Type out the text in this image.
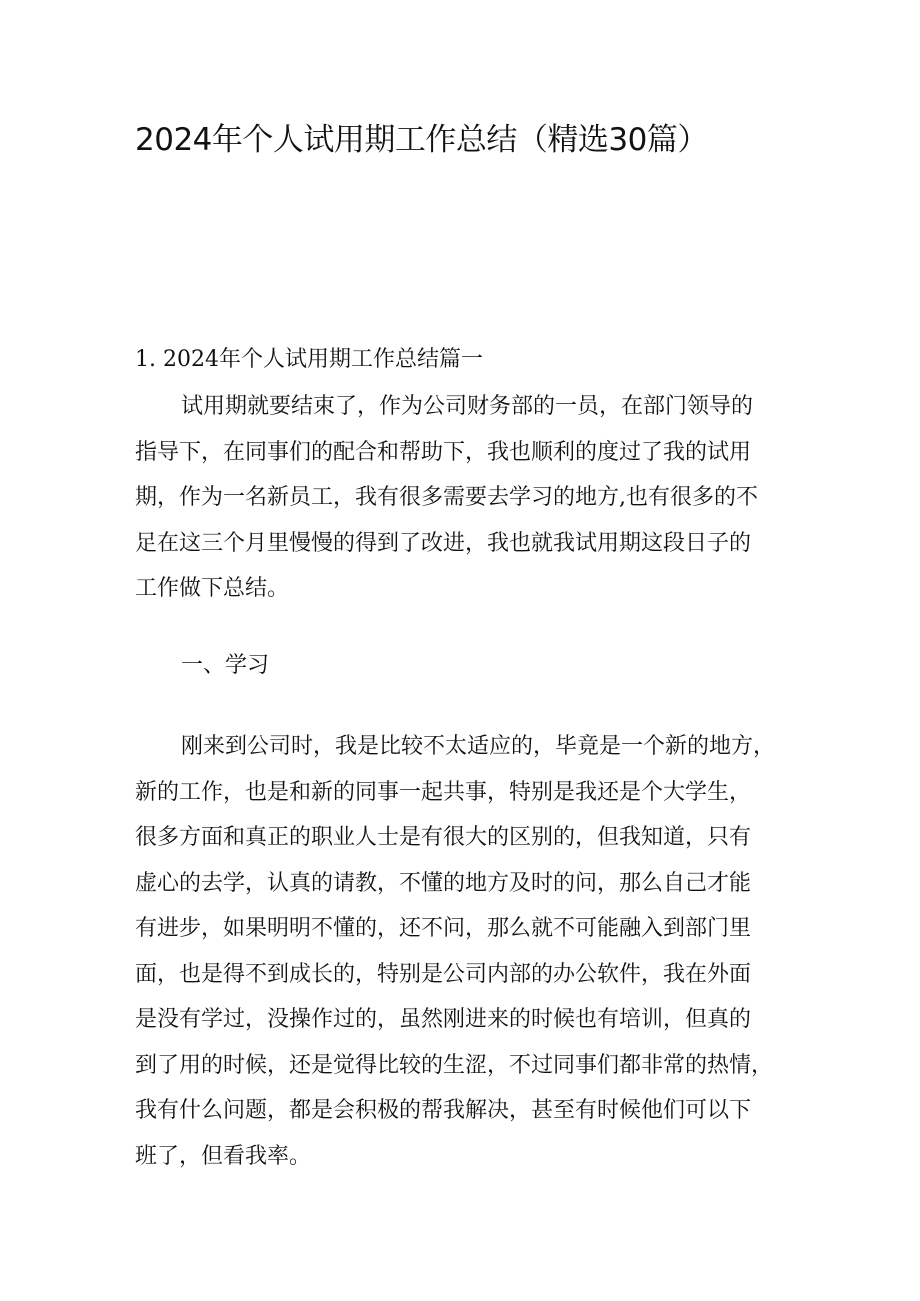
2024年个人试用期工作总结（精选30篇）
1. 2024年个人试用期工作总结篇一
试用期就要结束了，作为公司财务部的一员，在部门领导的
指导下，在同事们的配合和帮助下，我也顺利的度过了我的试用
期，作为一名新员工，我有很多需要去学习的地方,也有很多的不
足在这三个月里慢慢的得到了改进，我也就我试用期这段日子的
工作做下总结。
一、学习
刚来到公司时，我是比较不太适应的，毕竟是一个新的地方，
新的工作，也是和新的同事一起共事，特别是我还是个大学生，
很多方面和真正的职业人士是有很大的区别的，但我知道，只有
虚心的去学，认真的请教，不懂的地方及时的问，那么自己才能
有进步，如果明明不懂的，还不问，那么就不可能融入到部门里
面，也是得不到成长的，特别是公司内部的办公软件，我在外面
是没有学过，没操作过的，虽然刚进来的时候也有培训，但真的
到了用的时候，还是觉得比较的生涩，不过同事们都非常的热情，
我有什么问题，都是会积极的帮我解决，甚至有时候他们可以下
班了，但看我率。
